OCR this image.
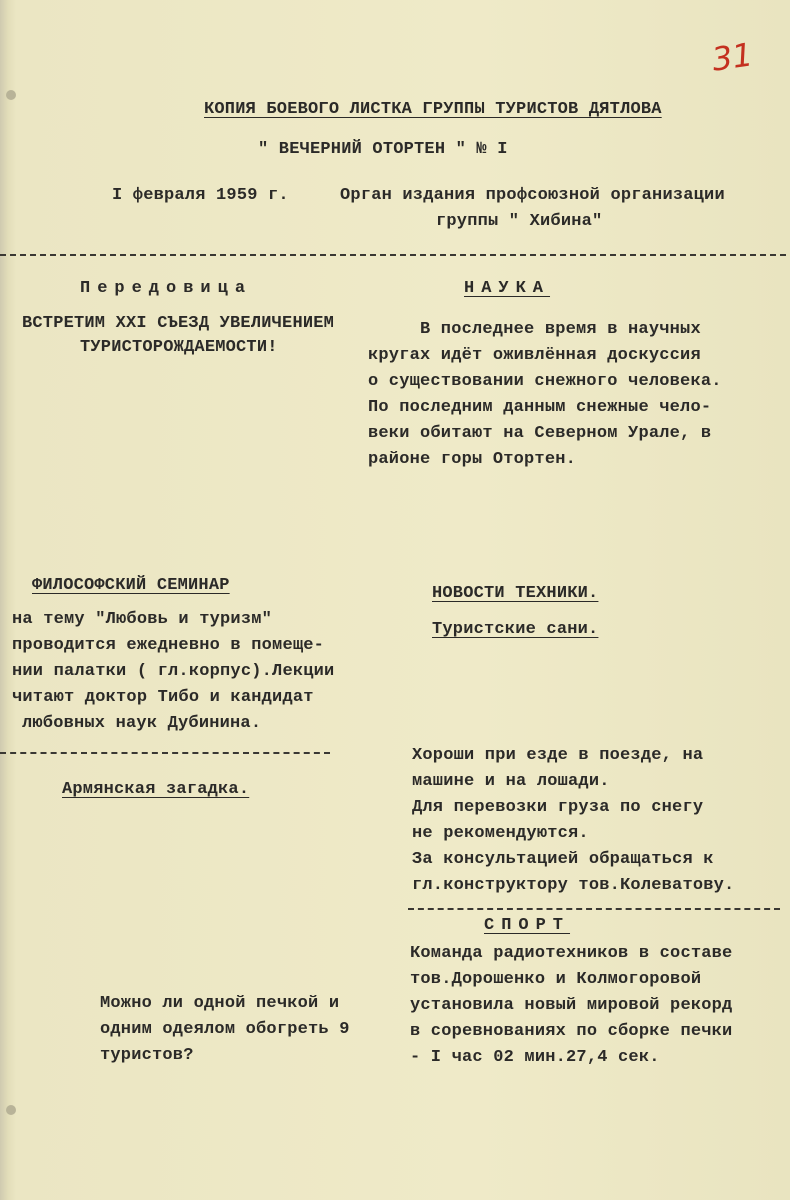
31
КОПИЯ БОЕВОГО ЛИСТКА ГРУППЫ ТУРИСТОВ ДЯТЛОВА
" ВЕЧЕРНИЙ ОТОРТЕН " № I
I февраля 1959 г.	Орган издания профсоюзной организации
группы " Хибина"
Передовица
ВСТРЕТИМ XXI СЪЕЗД УВЕЛИЧЕНИЕМ
ТУРИСТОРОЖДАЕМОСТИ!
НАУКА
В последнее время в научных
кругах идёт оживлённая доскуссия
о существовании снежного человека.
По последним данным снежные чело-
веки обитают на Северном Урале, в
районе горы Отортен.
ФИЛОСОФСКИЙ СЕМИНАР
на тему "Любовь и туризм"
проводится ежедневно в помеще-
нии палатки ( гл.корпус).Лекции
читают доктор Тибо и кандидат
любовных наук Дубинина.
НОВОСТИ ТЕХНИКИ.
Туристские сани.
Хороши при езде в поезде, на
машине и на лошади.
Для перевозки груза по снегу
не рекомендуются.
За консультацией обращаться к
гл.конструктору тов.Колеватову.
Армянская загадка.
Можно ли одной печкой и
одним одеялом обогреть 9
туристов?
СПОРТ
Команда радиотехников в составе
тов.Дорошенко и Колмогоровой
установила новый мировой рекорд
в соревнованиях по сборке печки
- I час 02 мин.27,4 сек.
